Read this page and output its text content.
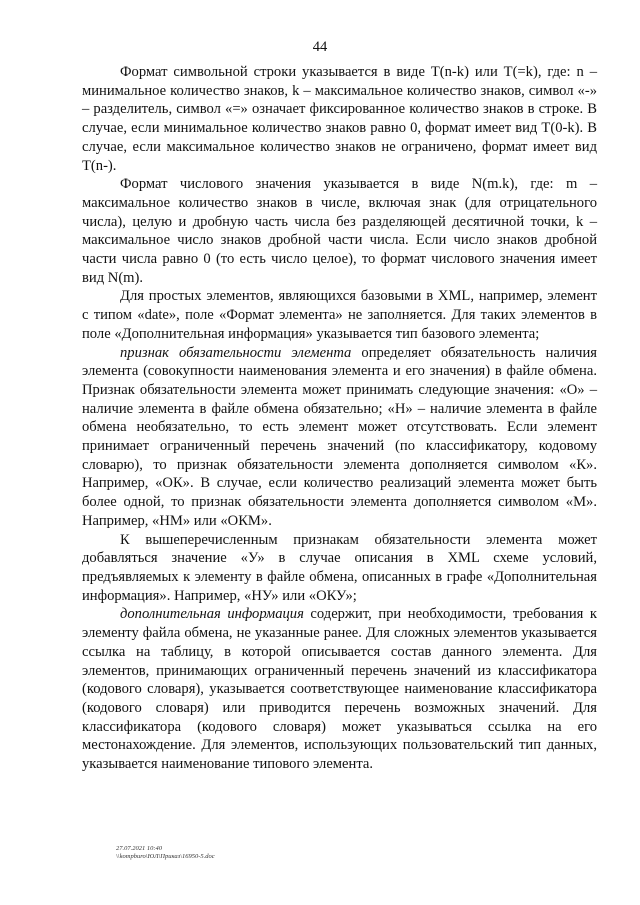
44

Формат символьной строки указывается в виде T(n-k) или T(=k), где: n – минимальное количество знаков, k – максимальное количество знаков, символ «-» – разделитель, символ «=» означает фиксированное количество знаков в строке. В случае, если минимальное количество знаков равно 0, формат имеет вид T(0-k). В случае, если максимальное количество знаков не ограничено, формат имеет вид T(n-).

Формат числового значения указывается в виде N(m.k), где: m – максимальное количество знаков в числе, включая знак (для отрицательного числа), целую и дробную часть числа без разделяющей десятичной точки, k – максимальное число знаков дробной части числа. Если число знаков дробной части числа равно 0 (то есть число целое), то формат числового значения имеет вид N(m).

Для простых элементов, являющихся базовыми в XML, например, элемент с типом «date», поле «Формат элемента» не заполняется. Для таких элементов в поле «Дополнительная информация» указывается тип базового элемента;

признак обязательности элемента определяет обязательность наличия элемента (совокупности наименования элемента и его значения) в файле обмена. Признак обязательности элемента может принимать следующие значения: «О» – наличие элемента в файле обмена обязательно; «Н» – наличие элемента в файле обмена необязательно, то есть элемент может отсутствовать. Если элемент принимает ограниченный перечень значений (по классификатору, кодовому словарю), то признак обязательности элемента дополняется символом «К». Например, «ОК». В случае, если количество реализаций элемента может быть более одной, то признак обязательности элемента дополняется символом «М». Например, «НМ» или «ОКМ».

К вышеперечисленным признакам обязательности элемента может добавляться значение «У» в случае описания в XML схеме условий, предъявляемых к элементу в файле обмена, описанных в графе «Дополнительная информация». Например, «НУ» или «ОКУ»;

дополнительная информация содержит, при необходимости, требования к элементу файла обмена, не указанные ранее. Для сложных элементов указывается ссылка на таблицу, в которой описывается состав данного элемента. Для элементов, принимающих ограниченный перечень значений из классификатора (кодового словаря), указывается соответствующее наименование классификатора (кодового словаря) или приводится перечень возможных значений. Для классификатора (кодового словаря) может указываться ссылка на его местонахождение. Для элементов, использующих пользовательский тип данных, указывается наименование типового элемента.

27.07.2021 10:40
\\kompburo\ЮЛ\Приказ\16950-5.doc
